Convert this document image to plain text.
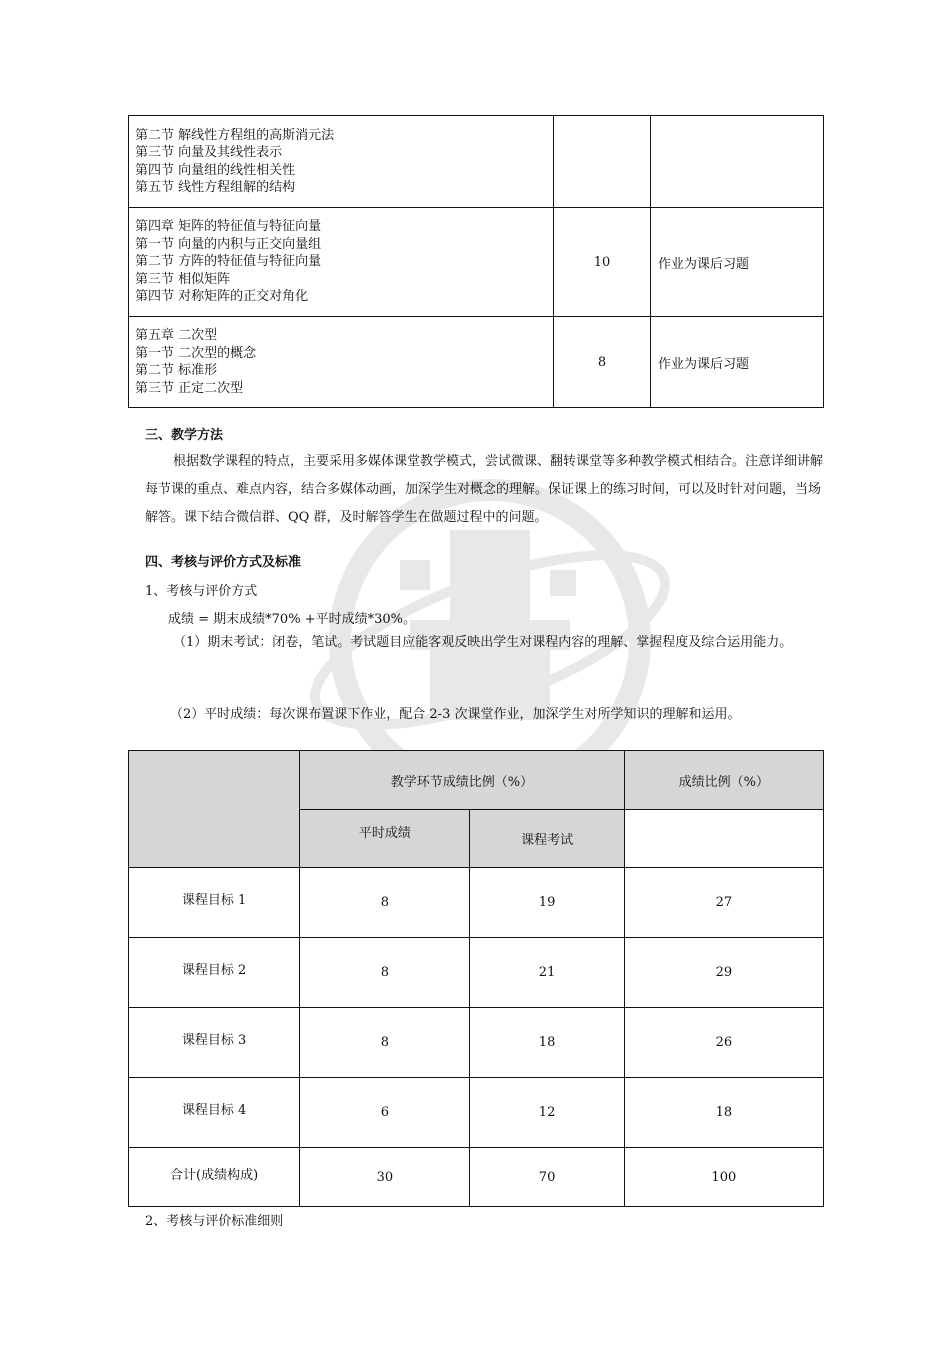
第二节 解线性方程组的高斯消元法
第三节 向量及其线性表示
第四节 向量组的线性相关性
第五节 线性方程组解的结构		

第四章 矩阵的特征值与特征向量
第一节 向量的内积与正交向量组
第二节 方阵的特征值与特征向量
第三节 相似矩阵
第四节 对称矩阵的正交对角化	10	作业为课后习题

第五章 二次型
第一节 二次型的概念
第二节 标准形
第三节 正定二次型	8	作业为课后习题
三、教学方法
根据数学课程的特点，主要采用多媒体课堂教学模式，尝试微课、翻转课堂等多种教学模式相结合。注意详细讲解每节课的重点、难点内容，结合多媒体动画，加深学生对概念的理解。保证课上的练习时间，可以及时针对问题，当场解答。课下结合微信群、QQ 群，及时解答学生在做题过程中的问题。
四、考核与评价方式及标准
1、考核与评价方式
成绩 = 期末成绩*70% +平时成绩*30%。
（1）期末考试：闭卷，笔试。考试题目应能客观反映出学生对课程内容的理解、掌握程度及综合运用能力。
（2）平时成绩：每次课布置课下作业，配合 2-3 次课堂作业，加深学生对所学知识的理解和运用。
	教学环节成绩比例（%）		成绩比例（%）
	平时成绩	课程考试	
课程目标 1	8	19	27
课程目标 2	8	21	29
课程目标 3	8	18	26
课程目标 4	6	12	18
合计(成绩构成)	30	70	100
2、考核与评价标准细则
